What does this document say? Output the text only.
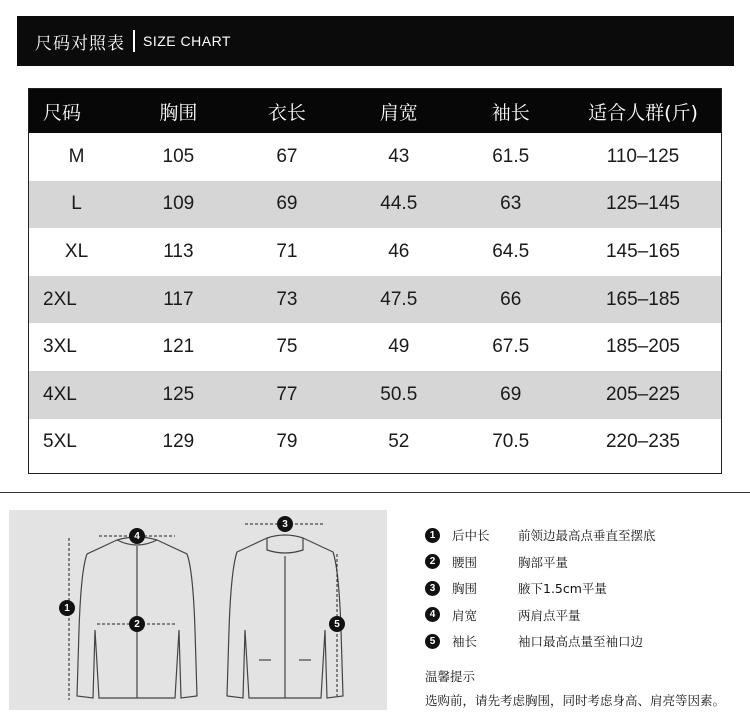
尺码对照表 SIZE CHART
尺码	胸围	衣长	肩宽	袖长	适合人群(斤)
M	105	67	43	61.5	110–125
L	109	69	44.5	63	125–145
XL	113	71	46	64.5	145–165
2XL	117	73	47.5	66	165–185
3XL	121	75	49	67.5	185–205
4XL	125	77	50.5	69	205–225
5XL	129	79	52	70.5	220–235
1
2
3
4
5
1	后中长	前领边最高点垂直至摆底
2	腰围	胸部平量
3	胸围	腋下1.5cm平量
4	肩宽	两肩点平量
5	袖长	袖口最高点量至袖口边
温馨提示
选购前，请先考虑胸围，同时考虑身高、肩亮等因素。
